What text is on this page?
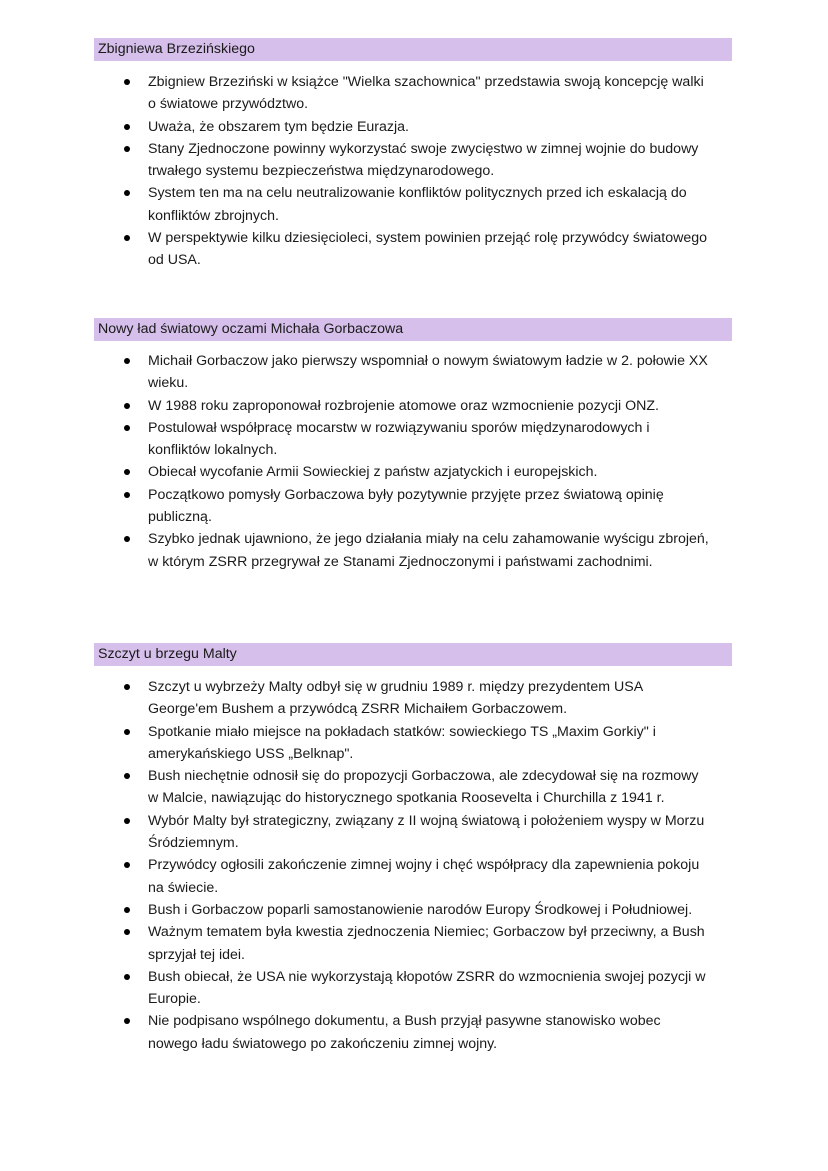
Zbigniewa Brzezińskiego
Zbigniew Brzeziński w książce "Wielka szachownica" przedstawia swoją koncepcję walki o światowe przywództwo.
Uważa, że obszarem tym będzie Eurazja.
Stany Zjednoczone powinny wykorzystać swoje zwycięstwo w zimnej wojnie do budowy trwałego systemu bezpieczeństwa międzynarodowego.
System ten ma na celu neutralizowanie konfliktów politycznych przed ich eskalacją do konfliktów zbrojnych.
W perspektywie kilku dziesięcioleci, system powinien przejąć rolę przywódcy światowego od USA.
Nowy ład światowy oczami Michała Gorbaczowa
Michaił Gorbaczow jako pierwszy wspomniał o nowym światowym ładzie w 2. połowie XX wieku.
W 1988 roku zaproponował rozbrojenie atomowe oraz wzmocnienie pozycji ONZ.
Postulował współpracę mocarstw w rozwiązywaniu sporów międzynarodowych i konfliktów lokalnych.
Obiecał wycofanie Armii Sowieckiej z państw azjatyckich i europejskich.
Początkowo pomysły Gorbaczowa były pozytywnie przyjęte przez światową opinię publiczną.
Szybko jednak ujawniono, że jego działania miały na celu zahamowanie wyścigu zbrojeń, w którym ZSRR przegrywał ze Stanami Zjednoczonymi i państwami zachodnimi.
Szczyt u brzegu Malty
Szczyt u wybrzeży Malty odbył się w grudniu 1989 r. między prezydentem USA George'em Bushem a przywódcą ZSRR Michaiłem Gorbaczowem.
Spotkanie miało miejsce na pokładach statków: sowieckiego TS „Maxim Gorkiy" i amerykańskiego USS „Belknap".
Bush niechętnie odnosił się do propozycji Gorbaczowa, ale zdecydował się na rozmowy w Malcie, nawiązując do historycznego spotkania Roosevelta i Churchilla z 1941 r.
Wybór Malty był strategiczny, związany z II wojną światową i położeniem wyspy w Morzu Śródziemnym.
Przywódcy ogłosili zakończenie zimnej wojny i chęć współpracy dla zapewnienia pokoju na świecie.
Bush i Gorbaczow poparli samostanowienie narodów Europy Środkowej i Południowej.
Ważnym tematem była kwestia zjednoczenia Niemiec; Gorbaczow był przeciwny, a Bush sprzyjał tej idei.
Bush obiecał, że USA nie wykorzystają kłopotów ZSRR do wzmocnienia swojej pozycji w Europie.
Nie podpisano wspólnego dokumentu, a Bush przyjął pasywne stanowisko wobec nowego ładu światowego po zakończeniu zimnej wojny.
